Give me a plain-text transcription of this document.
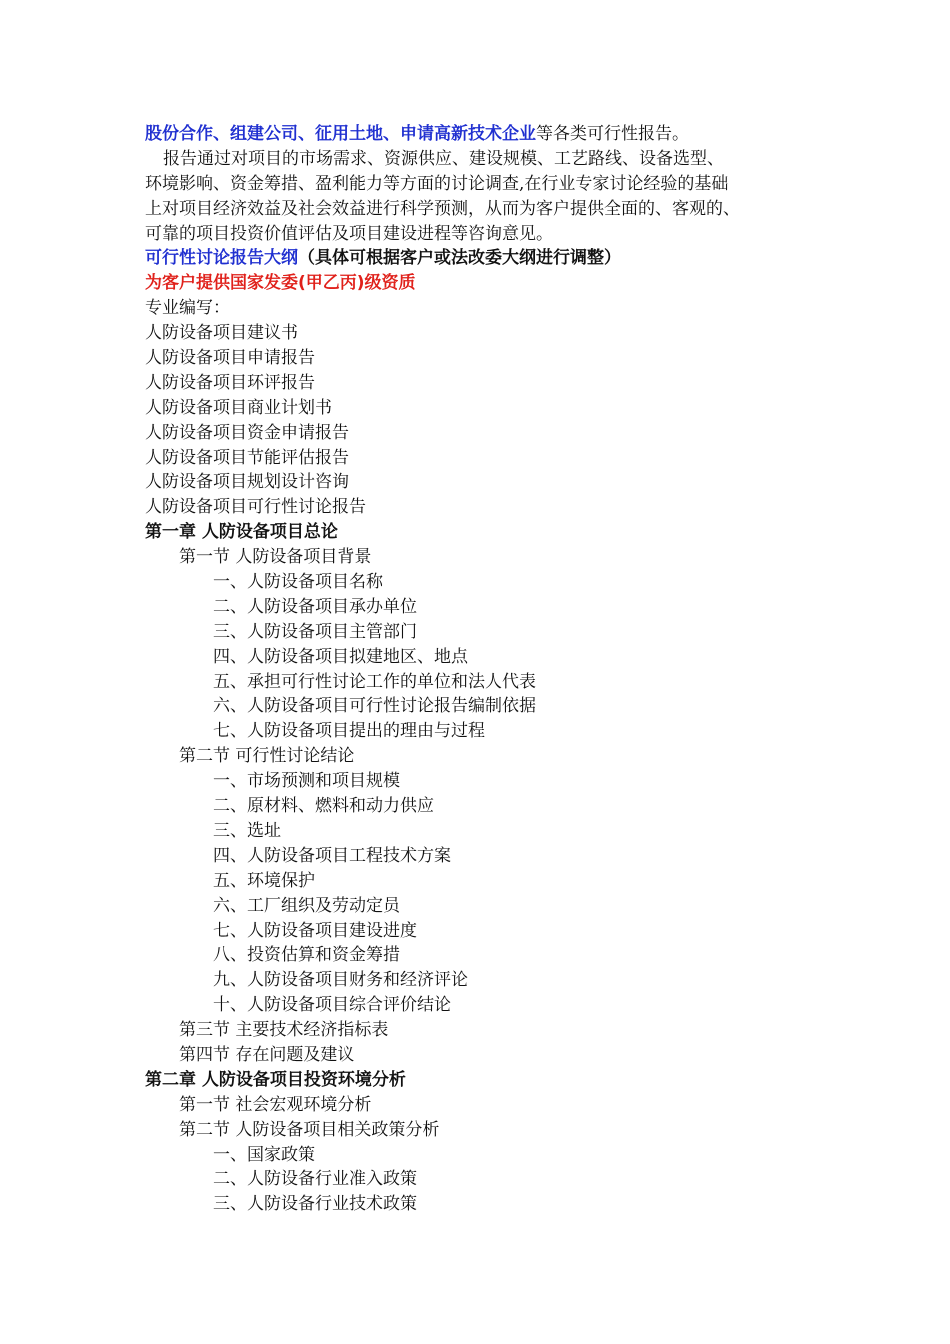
股份合作、组建公司、征用土地、申请高新技术企业等各类可行性报告。
报告通过对项目的市场需求、资源供应、建设规模、工艺路线、设备选型、
环境影响、资金筹措、盈利能力等方面的讨论调查,在行业专家讨论经验的基础
上对项目经济效益及社会效益进行科学预测，从而为客户提供全面的、客观的、
可靠的项目投资价值评估及项目建设进程等咨询意见。
可行性讨论报告大纲（具体可根据客户或法改委大纲进行调整）
为客户提供国家发委(甲乙丙)级资质
专业编写：
人防设备项目建议书
人防设备项目申请报告
人防设备项目环评报告
人防设备项目商业计划书
人防设备项目资金申请报告
人防设备项目节能评估报告
人防设备项目规划设计咨询
人防设备项目可行性讨论报告
第一章 人防设备项目总论
第一节 人防设备项目背景
一、人防设备项目名称
二、人防设备项目承办单位
三、人防设备项目主管部门
四、人防设备项目拟建地区、地点
五、承担可行性讨论工作的单位和法人代表
六、人防设备项目可行性讨论报告编制依据
七、人防设备项目提出的理由与过程
第二节 可行性讨论结论
一、市场预测和项目规模
二、原材料、燃料和动力供应
三、选址
四、人防设备项目工程技术方案
五、环境保护
六、工厂组织及劳动定员
七、人防设备项目建设进度
八、投资估算和资金筹措
九、人防设备项目财务和经济评论
十、人防设备项目综合评价结论
第三节 主要技术经济指标表
第四节 存在问题及建议
第二章 人防设备项目投资环境分析
第一节 社会宏观环境分析
第二节 人防设备项目相关政策分析
一、国家政策
二、人防设备行业准入政策
三、人防设备行业技术政策
